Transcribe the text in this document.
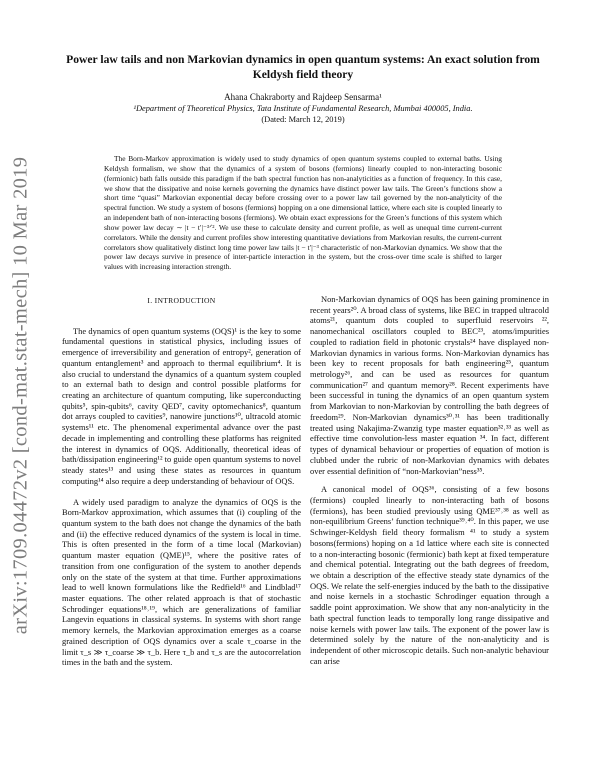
arXiv:1709.04472v2 [cond-mat.stat-mech] 10 Mar 2019

Power law tails and non Markovian dynamics in open quantum systems: An exact solution from
Keldysh field theory

Ahana Chakraborty and Rajdeep Sensarma¹
¹Department of Theoretical Physics, Tata Institute of Fundamental Research, Mumbai 400005, India.
(Dated: March 12, 2019)

The Born-Markov approximation is widely used to study dynamics of open quantum systems coupled to external baths. Using Keldysh formalism, we show that the dynamics of a system of bosons (fermions) linearly coupled to non-interacting bosonic (fermionic) bath falls outside this paradigm if the bath spectral function has non-analyticities as a function of frequency. In this case, we show that the dissipative and noise kernels governing the dynamics have distinct power law tails. The Green’s functions show a short time “quasi” Markovian exponential decay before crossing over to a power law tail governed by the non-analyticity of the spectral function. We study a system of bosons (fermions) hopping on a one dimensional lattice, where each site is coupled linearly to an independent bath of non-interacting bosons (fermions). We obtain exact expressions for the Green’s functions of this system which show power law decay ∼ |t − t′|⁻³ᐟ². We use these to calculate density and current profile, as well as unequal time current-current correlators. While the density and current profiles show interesting quantitative deviations from Markovian results, the current-current correlators show qualitatively distinct long time power law tails |t − t′|⁻³ characteristic of non-Markovian dynamics. We show that the power law decays survive in presence of inter-particle interaction in the system, but the cross-over time scale is shifted to larger values with increasing interaction strength.

I. INTRODUCTION

The dynamics of open quantum systems (OQS)¹ is the key to some fundamental questions in statistical physics, including issues of emergence of irreversibility and generation of entropy², generation of quantum entanglement³ and approach to thermal equilibrium⁴. It is also crucial to understand the dynamics of a quantum system coupled to an external bath to design and control possible platforms for creating an architecture of quantum computing, like superconducting qubits⁵, spin-qubits⁶, cavity QED⁷, cavity optomechanics⁸, quantum dot arrays coupled to cavities⁹, nanowire junctions¹⁰, ultracold atomic systems¹¹ etc. The phenomenal experimental advance over the past decade in implementing and controlling these platforms has reignited the interest in dynamics of OQS. Additionally, theoretical ideas of bath/dissipation engineering¹² to guide open quantum systems to novel steady states¹³ and using these states as resources in quantum computing¹⁴ also require a deep understanding of behaviour of OQS.

A widely used paradigm to analyze the dynamics of OQS is the Born-Markov approximation, which assumes that (i) coupling of the quantum system to the bath does not change the dynamics of the bath and (ii) the effective reduced dynamics of the system is local in time. This is often presented in the form of a time local (Markovian) quantum master equation (QME)¹⁵, where the positive rates of transition from one configuration of the system to another depends only on the state of the system at that time. Further approximations lead to well known formulations like the Redfield¹⁶ and Lindblad¹⁷ master equations. The other related approach is that of stochastic Schrodinger equations¹⁸˒¹⁹, which are generalizations of familiar Langevin equations in classical systems. In systems with short range memory kernels, the Markovian approximation emerges as a coarse grained description of OQS dynamics over a scale τ_coarse in the limit τ_s ≫ τ_coarse ≫ τ_b. Here τ_b and τ_s are the autocorrelation times in the bath and the system.

Non-Markovian dynamics of OQS has been gaining prominence in recent years²⁰. A broad class of systems, like BEC in trapped ultracold atoms²¹, quantum dots coupled to superfluid reservoirs ²², nanomechanical oscillators coupled to BEC²³, atoms/impurities coupled to radiation field in photonic crystals²⁴ have displayed non-Markovian dynamics in various forms. Non-Markovian dynamics has been key to recent proposals for bath engineering²⁵, quantum metrology²⁶, and can be used as resources for quantum communication²⁷ and quantum memory²⁸. Recent experiments have been successful in tuning the dynamics of an open quantum system from Markovian to non-Markovian by controlling the bath degrees of freedom²⁹. Non-Markovian dynamics³⁰˒³¹ has been traditionally treated using Nakajima-Zwanzig type master equation³²˒³³ as well as effective time convolution-less master equation ³⁴. In fact, different types of dynamical behaviour or properties of equation of motion is clubbed under the rubric of non-Markovian dynamics with debates over essential definition of “non-Markovian”ness³⁵.

A canonical model of OQS³⁶, consisting of a few bosons (fermions) coupled linearly to non-interacting bath of bosons (fermions), has been studied previously using QME³⁷˒³⁸ as well as non-equilibrium Greens’ function technique³⁹˒⁴⁰. In this paper, we use Schwinger-Keldysh field theory formalism ⁴¹ to study a system bosons(fermions) hoping on a 1d lattice where each site is connected to a non-interacting bosonic (fermionic) bath kept at fixed temperature and chemical potential. Integrating out the bath degrees of freedom, we obtain a description of the effective steady state dynamics of the OQS. We relate the self-energies induced by the bath to the dissipative and noise kernels in a stochastic Schrodinger equation through a saddle point approximation. We show that any non-analyticity in the bath spectral function leads to temporally long range dissipative and noise kernels with power law tails. The exponent of the power law is determined solely by the nature of the non-analyticity and is independent of other microscopic details. Such non-analytic behaviour can arise
